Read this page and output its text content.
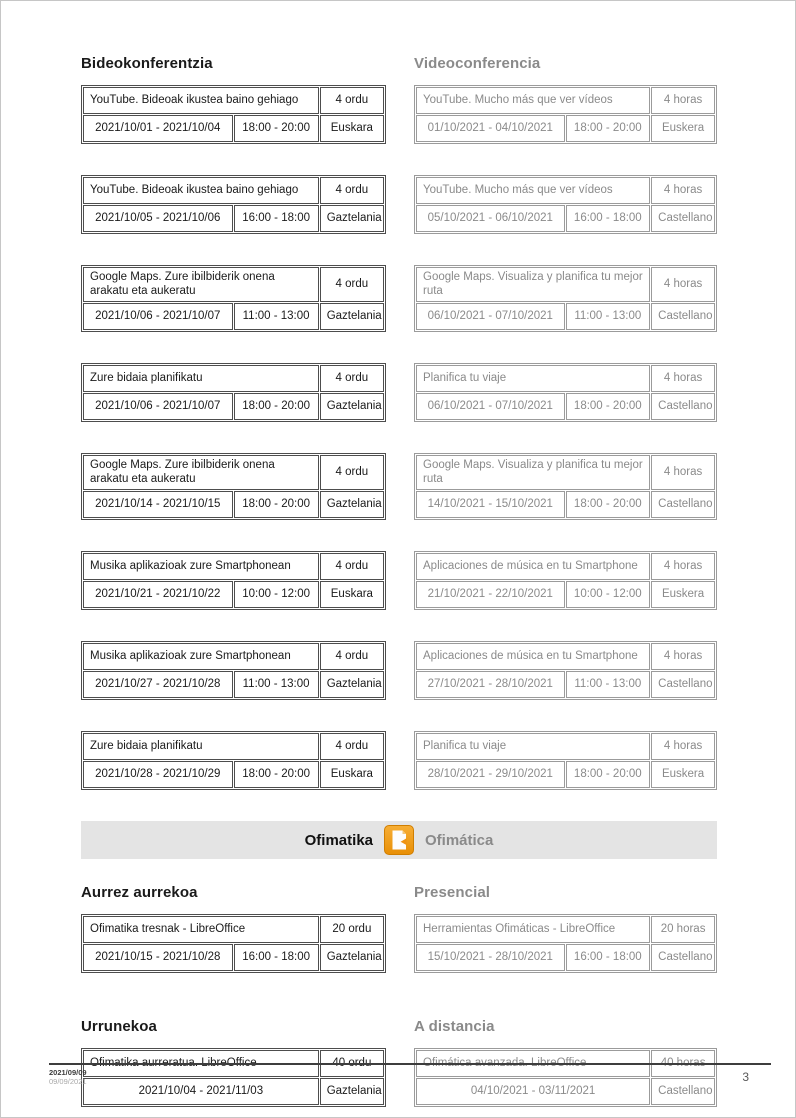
Bideokonferentzia	Videoconferencia
YouTube. Bideoak ikustea baino gehiago		4 ordu
2021/10/01 - 2021/10/04	18:00 - 20:00	Euskara
YouTube. Mucho más que ver vídeos		4 horas
01/10/2021 - 04/10/2021	18:00 - 20:00	Euskera
YouTube. Bideoak ikustea baino gehiago		4 ordu
2021/10/05 - 2021/10/06	16:00 - 18:00	Gaztelania
YouTube. Mucho más que ver vídeos		4 horas
05/10/2021 - 06/10/2021	16:00 - 18:00	Castellano
Google Maps. Zure ibilbiderik onena arakatu eta aukeratu		4 ordu
2021/10/06 - 2021/10/07	11:00 - 13:00	Gaztelania
Google Maps. Visualiza y planifica tu mejor ruta		4 horas
06/10/2021 - 07/10/2021	11:00 - 13:00	Castellano
Zure bidaia planifikatu		4 ordu
2021/10/06 - 2021/10/07	18:00 - 20:00	Gaztelania
Planifica tu viaje		4 horas
06/10/2021 - 07/10/2021	18:00 - 20:00	Castellano
Google Maps. Zure ibilbiderik onena arakatu eta aukeratu		4 ordu
2021/10/14 - 2021/10/15	18:00 - 20:00	Gaztelania
Google Maps. Visualiza y planifica tu mejor ruta		4 horas
14/10/2021 - 15/10/2021	18:00 - 20:00	Castellano
Musika aplikazioak zure Smartphonean		4 ordu
2021/10/21 - 2021/10/22	10:00 - 12:00	Euskara
Aplicaciones de música en tu Smartphone		4 horas
21/10/2021 - 22/10/2021	10:00 - 12:00	Euskera
Musika aplikazioak zure Smartphonean		4 ordu
2021/10/27 - 2021/10/28	11:00 - 13:00	Gaztelania
Aplicaciones de música en tu Smartphone		4 horas
27/10/2021 - 28/10/2021	11:00 - 13:00	Castellano
Zure bidaia planifikatu		4 ordu
2021/10/28 - 2021/10/29	18:00 - 20:00	Euskara
Planifica tu viaje		4 horas
28/10/2021 - 29/10/2021	18:00 - 20:00	Euskera
Ofimatika	Ofimática
Aurrez aurrekoa	Presencial
Ofimatika tresnak - LibreOffice		20 ordu
2021/10/15 - 2021/10/28	16:00 - 18:00	Gaztelania
Herramientas Ofimáticas - LibreOffice		20 horas
15/10/2021 - 28/10/2021	16:00 - 18:00	Castellano
Urrunekoa	A distancia
Ofimatika aurreratua. LibreOffice	40 ordu
2021/10/04 - 2021/11/03	Gaztelania
Ofimática avanzada. LibreOffice	40 horas
04/10/2021 - 03/11/2021	Castellano
2021/09/09
09/09/2021	3
